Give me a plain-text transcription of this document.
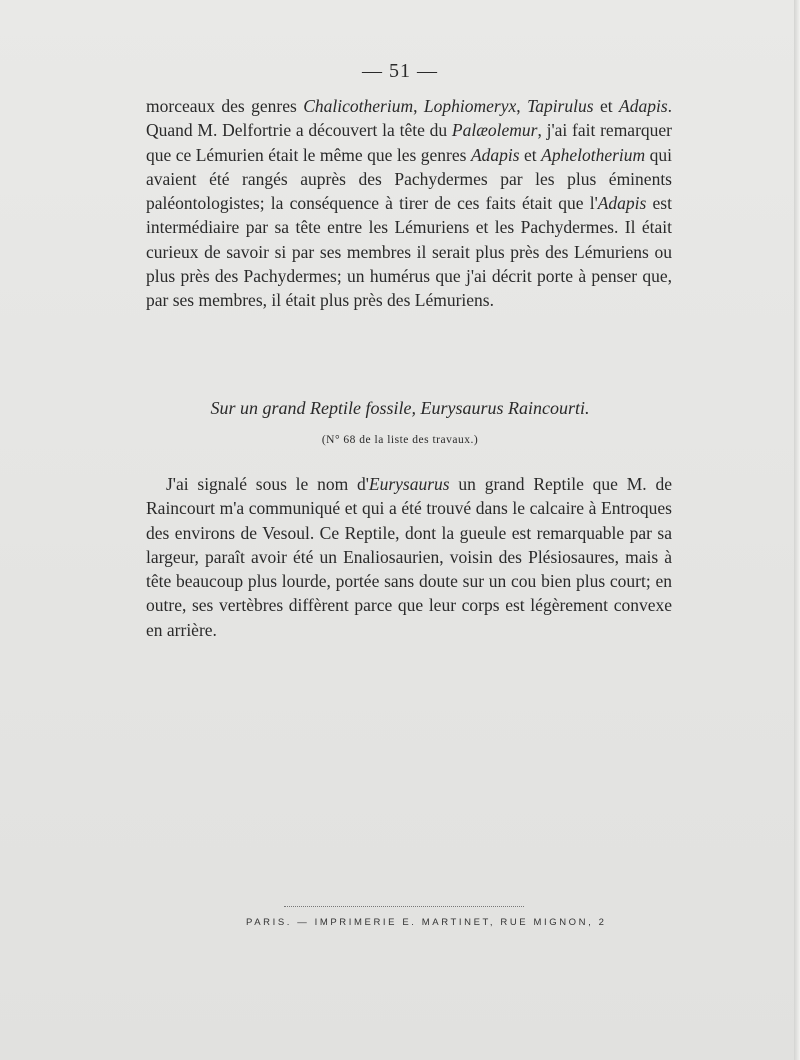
— 51 —

morceaux des genres Chalicotherium, Lophiomeryx, Tapirulus et Adapis. Quand M. Delfortrie a découvert la tête du Palæolemur, j'ai fait remarquer que ce Lémurien était le même que les genres Adapis et Aphelotherium qui avaient été rangés auprès des Pachydermes par les plus éminents paléontologistes; la conséquence à tirer de ces faits était que l'Adapis est intermédiaire par sa tête entre les Lémuriens et les Pachydermes. Il était curieux de savoir si par ses membres il serait plus près des Lémuriens ou plus près des Pachydermes; un humérus que j'ai décrit porte à penser que, par ses membres, il était plus près des Lémuriens.

Sur un grand Reptile fossile, Eurysaurus Raincourti.
(N° 68 de la liste des travaux.)

J'ai signalé sous le nom d'Eurysaurus un grand Reptile que M. de Raincourt m'a communiqué et qui a été trouvé dans le calcaire à Entroques des environs de Vesoul. Ce Reptile, dont la gueule est remarquable par sa largeur, paraît avoir été un Enaliosaurien, voisin des Plésiosaures, mais à tête beaucoup plus lourde, portée sans doute sur un cou bien plus court; en outre, ses vertèbres diffèrent parce que leur corps est légèrement convexe en arrière.

PARIS. — IMPRIMERIE E. MARTINET, RUE MIGNON, 2
